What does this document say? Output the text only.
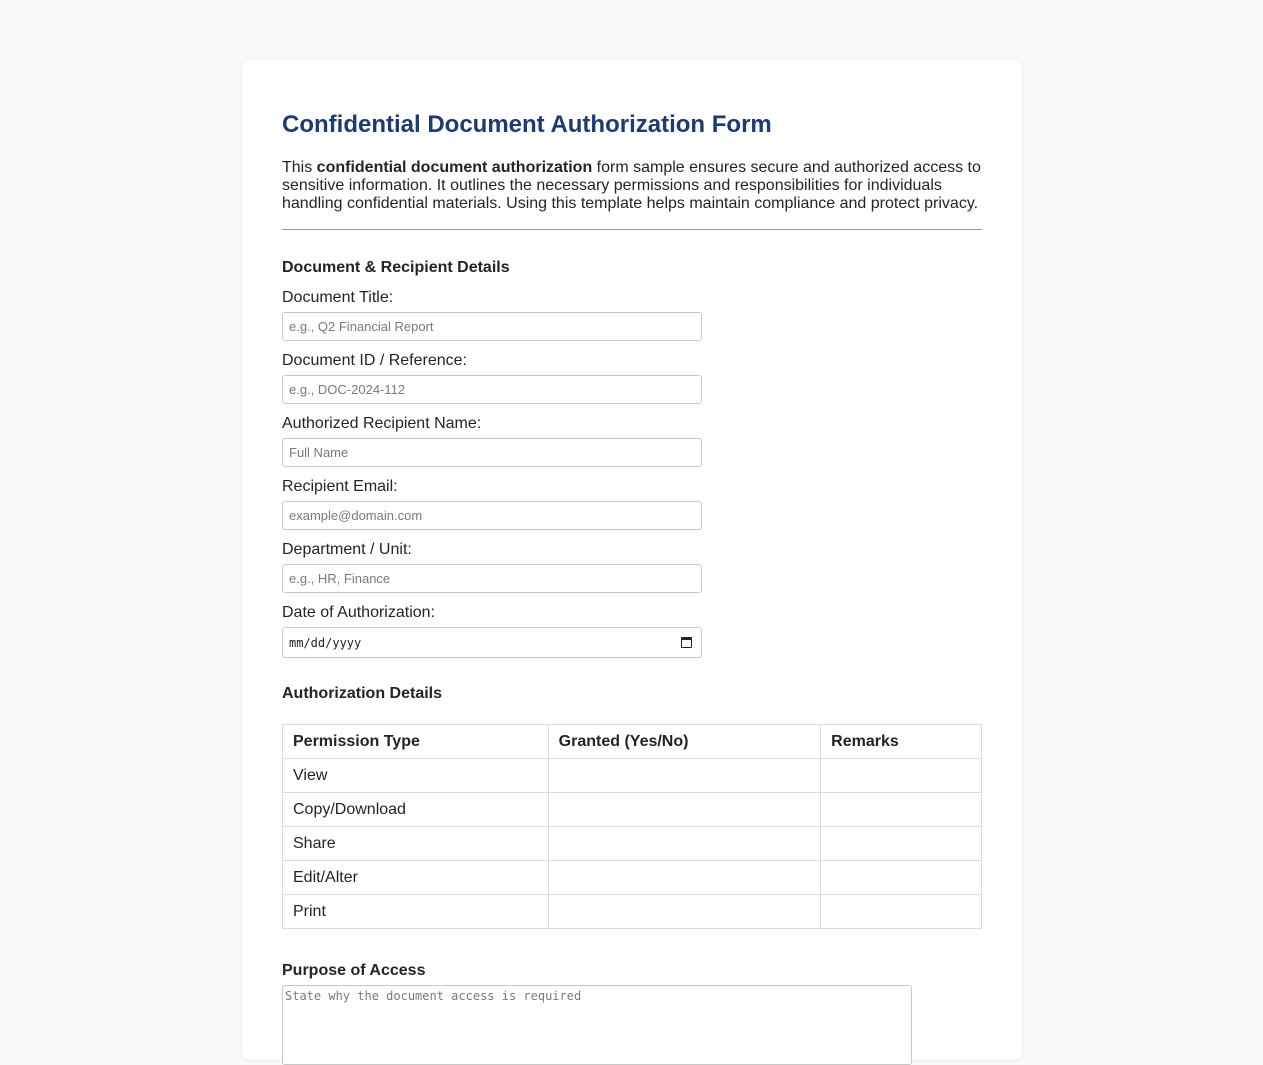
Confidential Document Authorization Form

This confidential document authorization form sample ensures secure and authorized access to sensitive information. It outlines the necessary permissions and responsibilities for individuals handling confidential materials. Using this template helps maintain compliance and protect privacy.

Document & Recipient Details
Document Title:
e.g., Q2 Financial Report
Document ID / Reference:
e.g., DOC-2024-112
Authorized Recipient Name:
Full Name
Recipient Email:
example@domain.com
Department / Unit:
e.g., HR, Finance
Date of Authorization:
mm/dd/yyyy
Authorization Details
Permission Type	Granted (Yes/No)	Remarks
View		
Copy/Download		
Share		
Edit/Alter		
Print		
Purpose of Access
State why the document access is required
